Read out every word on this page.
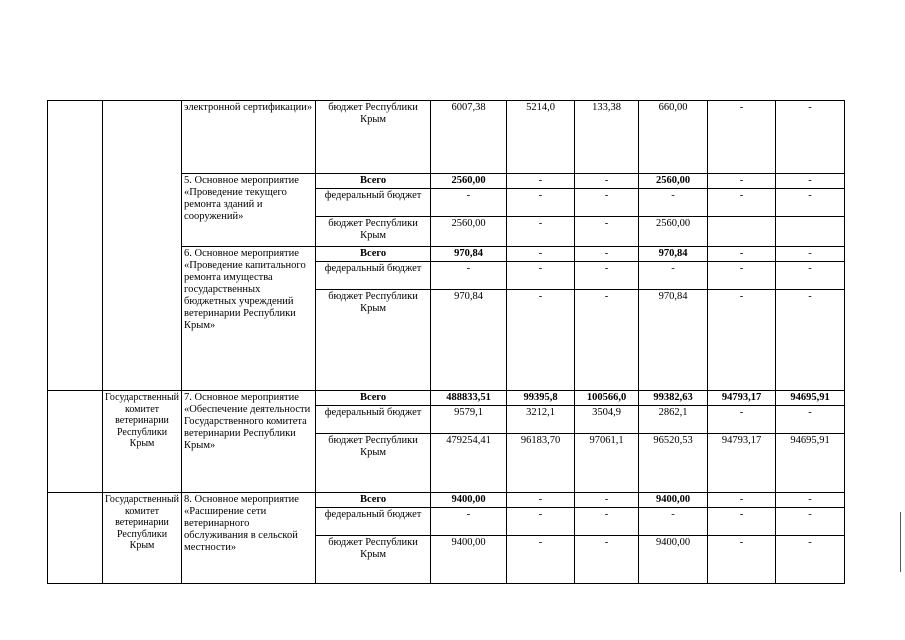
		электронной сертификации»	бюджет Республики Крым	6007,38	5214,0	133,38	660,00	-	-
		5. Основное мероприятие «Проведение текущего ремонта зданий и сооружений»	Всего	2560,00	-	-	2560,00	-	-
			федеральный бюджет	-	-	-	-	-	-
			бюджет Республики Крым	2560,00	-	-	2560,00		
		6. Основное мероприятие «Проведение капитального ремонта имущества государственных бюджетных учреждений ветеринарии Республики Крым»	Всего	970,84	-	-	970,84	-	-
			федеральный бюджет	-	-	-	-	-	-
			бюджет Республики Крым	970,84	-	-	970,84	-	-
	Государственный комитет ветеринарии Республики Крым	7. Основное мероприятие «Обеспечение деятельности Государственного комитета ветеринарии Республики Крым»	Всего	488833,51	99395,8	100566,0	99382,63	94793,17	94695,91
			федеральный бюджет	9579,1	3212,1	3504,9	2862,1	-	-
			бюджет Республики Крым	479254,41	96183,70	97061,1	96520,53	94793,17	94695,91
	Государственный комитет ветеринарии Республики Крым	8. Основное мероприятие «Расширение сети ветеринарного обслуживания в сельской местности»	Всего	9400,00	-	-	9400,00	-	-
			федеральный бюджет	-	-	-	-	-	-
			бюджет Республики Крым	9400,00	-	-	9400,00	-	-
